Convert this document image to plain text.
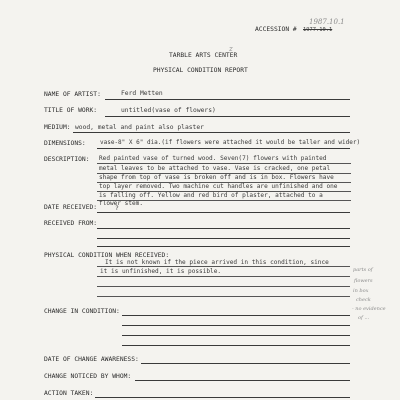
ACCESSION # 1977.10.1
1987.10.1
z
TARBLE ARTS CENTER
PHYSICAL CONDITION REPORT
NAME OF ARTIST:	Ferd Metten
TITLE OF WORK:	untitled(vase of flowers)
MEDIUM: wood, metal and paint also plaster
DIMENSIONS: vase-8" X 6" dia.(if flowers were attached it would be taller and wider)
DESCRIPTION: Red painted vase of turned wood. Seven(7) flowers with painted
metal leaves to be attached to vase. Vase is cracked, one petal
shape from top of vase is broken off and is in box. Flowers have
top layer removed. Two machine cut handles are unfinished and one
is falling off. Yellow and red bird of plaster, attached to a
flower stem.
DATE RECEIVED:	?
RECEIVED FROM:
PHYSICAL CONDITION WHEN RECEIVED:
It is not known if the piece arrived in this condition, since
it is unfinished, it is possible.	parts of
flowers
in box
check
- no evidence
of ...
CHANGE IN CONDITION:
DATE OF CHANGE AWARENESS:
CHANGE NOTICED BY WHOM:
ACTION TAKEN:
